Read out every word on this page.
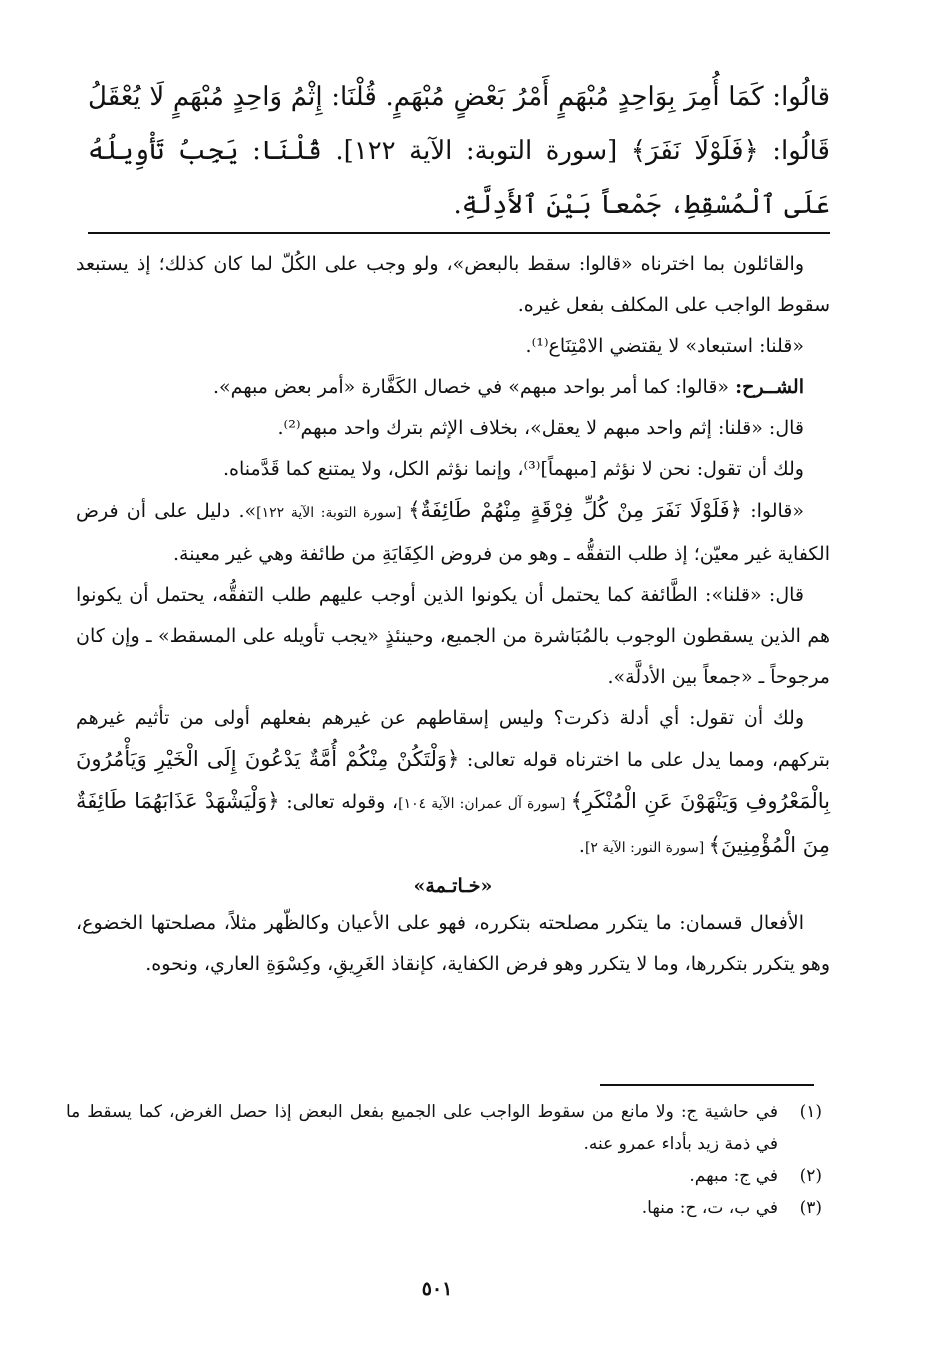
قالُوا: كَمَا أُمِرَ بِوَاحِدٍ مُبْهَمٍ أَمْرُ بَعْضٍ مُبْهَمٍ. قُلْنَا: إِثْمُ وَاحِدٍ مُبْهَمٍ لَا يُعْقَلُ قَالُوا: ﴿فَلَوْلَا نَفَرَ﴾ [سورة التوبة: الآية ١٢٢]. قُلْنَا: يَجِبُ تَأْوِيلُهُ عَلَى ٱلْمُسْقِطِ، جَمْعاً بَيْنَ ٱلأَدِلَّةِ.

والقائلون بما اخترناه «قالوا: سقط بالبعض»، ولو وجب على الكُلّ لما كان كذلك؛ إذ يستبعد سقوط الواجب على المكلف بفعل غيره.

«قلنا: استبعاد» لا يقتضي الامْتِنَاع⁽¹⁾.

الشــرح: «قالوا: كما أمر بواحد مبهم» في خصال الكَفَّارة «أمر بعض مبهم».

قال: «قلنا: إثم واحد مبهم لا يعقل»، بخلاف الإثم بترك واحد مبهم⁽²⁾.

ولك أن تقول: نحن لا نؤثم [مبهماً]⁽³⁾، وإنما نؤثم الكل، ولا يمتنع كما قَدَّمناه.

«قالوا: ﴿فَلَوْلَا نَفَرَ مِنْ كُلِّ فِرْقَةٍ مِنْهُمْ طَائِفَةٌ﴾ [سورة التوبة: الآية ١٢٢]». دليل على أن فرض الكفاية غير معيّن؛ إذ طلب التفقُّه ـ وهو من فروض الكِفَايَةِ من طائفة وهي غير معينة.

قال: «قلنا»: الطَّائفة كما يحتمل أن يكونوا الذين أوجب عليهم طلب التفقُّه، يحتمل أن يكونوا هم الذين يسقطون الوجوب بالمُبَاشرة من الجميع، وحينئذٍ «يجب تأويله على المسقط» ـ وإن كان مرجوحاً ـ «جمعاً بين الأدلَّة».

ولك أن تقول: أي أدلة ذكرت؟ وليس إسقاطهم عن غيرهم بفعلهم أولى من تأثيم غيرهم بتركهم، ومما يدل على ما اخترناه قوله تعالى: ﴿وَلْتَكُنْ مِنْكُمْ أُمَّةٌ يَدْعُونَ إِلَى الْخَيْرِ وَيَأْمُرُونَ بِالْمَعْرُوفِ وَيَنْهَوْنَ عَنِ الْمُنْكَرِ﴾ [سورة آل عمران: الآية ١٠٤]، وقوله تعالى: ﴿وَلْيَشْهَدْ عَذَابَهُمَا طَائِفَةٌ مِنَ الْمُؤْمِنِينَ﴾ [سورة النور: الآية ٢].

«خـاتـمة»

الأفعال قسمان: ما يتكرر مصلحته بتكرره، فهو على الأعيان وكالظّهر مثلاً، مصلحتها الخضوع، وهو يتكرر بتكررها، وما لا يتكرر وهو فرض الكفاية، كإنقاذ الغَرِيقِ، وكِسْوَةِ العاري، ونحوه.

(١)
في حاشية ج: ولا مانع من سقوط الواجب على الجميع بفعل البعض إذا حصل الغرض، كما يسقط ما في ذمة زيد بأداء عمرو عنه.
(٢)
في ج: مبهم.
(٣)
في ب، ت، ح: منها.
٥٠١
